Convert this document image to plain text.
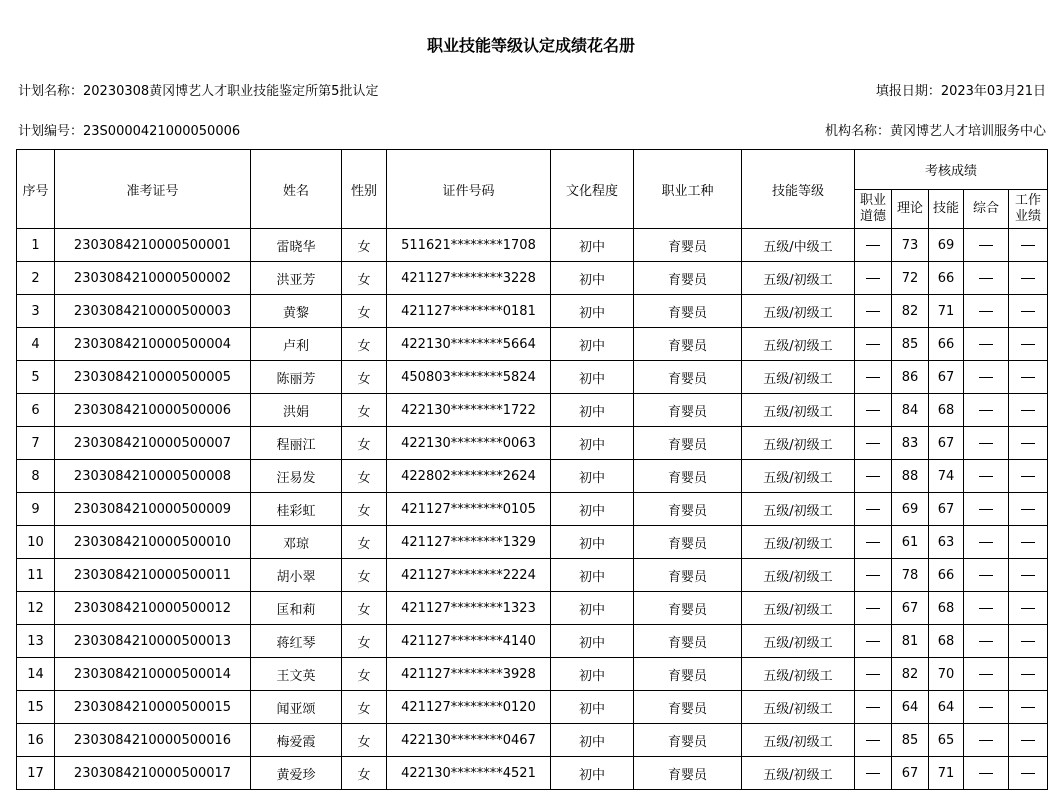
职业技能等级认定成绩花名册
计划名称：20230308黄冈博艺人才职业技能鉴定所第5批认定	填报日期：2023年03月21日
计划编号：23S0000421000050006	机构名称：黄冈博艺人才培训服务中心
序号	准考证号	姓名	性别	证件号码	文化程度	职业工种	技能等级	考核成绩				
								职业道德	理论	技能	综合	工作业绩
1	2303084210000500001	雷晓华	女	511621********1708	初中	育婴员	五级/中级工		73	69		
2	2303084210000500002	洪亚芳	女	421127********3228	初中	育婴员	五级/初级工		72	66		
3	2303084210000500003	黄黎	女	421127********0181	初中	育婴员	五级/初级工		82	71		
4	2303084210000500004	卢利	女	422130********5664	初中	育婴员	五级/初级工		85	66		
5	2303084210000500005	陈丽芳	女	450803********5824	初中	育婴员	五级/初级工		86	67		
6	2303084210000500006	洪娟	女	422130********1722	初中	育婴员	五级/初级工		84	68		
7	2303084210000500007	程丽江	女	422130********0063	初中	育婴员	五级/初级工		83	67		
8	2303084210000500008	汪易发	女	422802********2624	初中	育婴员	五级/初级工		88	74		
9	2303084210000500009	桂彩虹	女	421127********0105	初中	育婴员	五级/初级工		69	67		
10	2303084210000500010	邓琼	女	421127********1329	初中	育婴员	五级/初级工		61	63		
11	2303084210000500011	胡小翠	女	421127********2224	初中	育婴员	五级/初级工		78	66		
12	2303084210000500012	匡和莉	女	421127********1323	初中	育婴员	五级/初级工		67	68		
13	2303084210000500013	蒋红琴	女	421127********4140	初中	育婴员	五级/初级工		81	68		
14	2303084210000500014	王文英	女	421127********3928	初中	育婴员	五级/初级工		82	70		
15	2303084210000500015	闻亚颂	女	421127********0120	初中	育婴员	五级/初级工		64	64		
16	2303084210000500016	梅爱霞	女	422130********0467	初中	育婴员	五级/初级工		85	65		
17	2303084210000500017	黄爱珍	女	422130********4521	初中	育婴员	五级/初级工		67	71		
